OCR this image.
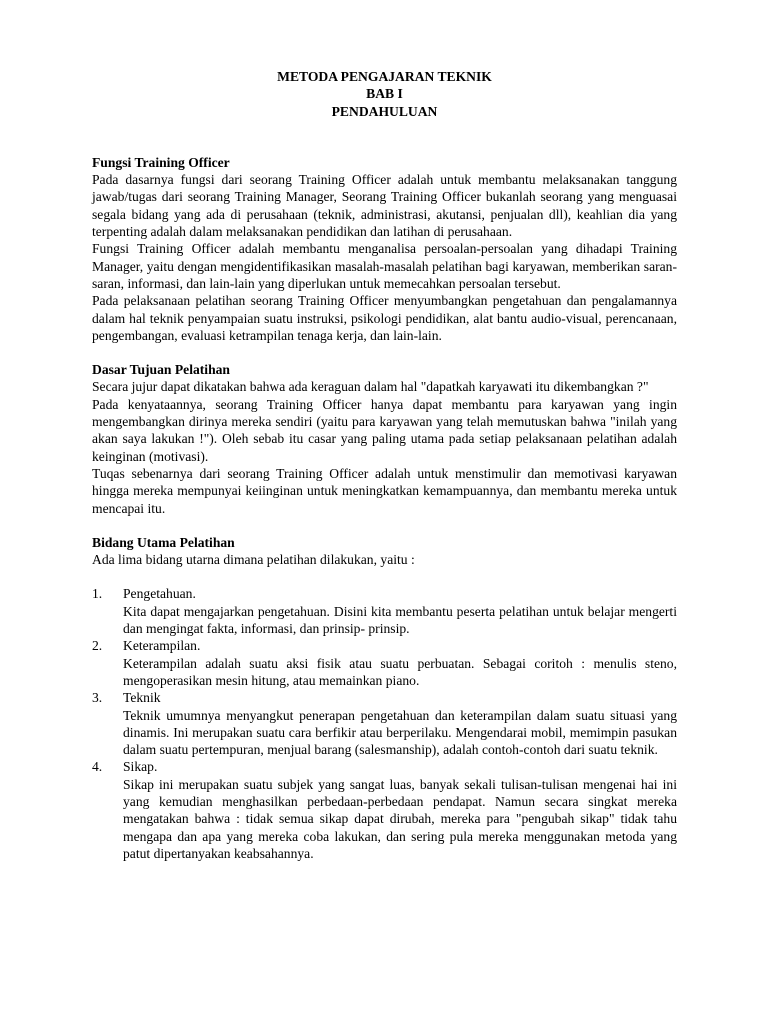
METODA PENGAJARAN TEKNIK
BAB I
PENDAHULUAN
Fungsi Training Officer

Pada dasarnya fungsi dari seorang Training Officer adalah untuk membantu melaksanakan tanggung jawab/tugas dari seorang Training Manager, Seorang Training Officer bukanlah seorang yang menguasai segala bidang yang ada di perusahaan (teknik, administrasi, akutansi, penjualan dll), keahlian dia yang terpenting adalah dalam melaksanakan pendidikan dan latihan di perusahaan.

Fungsi Training Officer adalah membantu menganalisa persoalan-persoalan yang dihadapi Training Manager, yaitu dengan mengidentifikasikan masalah-masalah pelatihan bagi karyawan, memberikan saran-saran, informasi, dan lain-lain yang diperlukan untuk memecahkan persoalan tersebut.

Pada pelaksanaan pelatihan seorang Training Officer menyumbangkan pengetahuan dan pengalamannya dalam hal teknik penyampaian suatu instruksi, psikologi pendidikan, alat bantu audio-visual, perencanaan, pengembangan, evaluasi ketrampilan tenaga kerja, dan lain-lain.

Dasar Tujuan Pelatihan

Secara jujur dapat dikatakan bahwa ada keraguan dalam hal "dapatkah karyawati itu dikembangkan ?"

Pada kenyataannya, seorang Training Officer hanya dapat membantu para karyawan yang ingin mengembangkan dirinya mereka sendiri (yaitu para karyawan yang telah memutuskan bahwa "inilah yang akan saya lakukan !"). Oleh sebab itu casar yang paling utama pada setiap pelaksanaan pelatihan adalah keinginan (motivasi).

Tuqas sebenarnya dari seorang Training Officer adalah untuk menstimulir dan memotivasi karyawan hingga mereka mempunyai keiinginan untuk meningkatkan kemampuannya, dan membantu mereka untuk mencapai itu.

Bidang Utama Pelatihan

Ada lima bidang utarna dimana pelatihan dilakukan, yaitu :

1.	Pengetahuan.

Kita dapat mengajarkan pengetahuan. Disini kita membantu peserta pelatihan untuk belajar mengerti dan mengingat fakta, informasi, dan prinsip- prinsip.

2.	Keterampilan.

Keterampilan adalah suatu aksi fisik atau suatu perbuatan. Sebagai coritoh : menulis steno, mengoperasikan mesin hitung, atau memainkan piano.

3.	Teknik

Teknik umumnya menyangkut penerapan pengetahuan dan keterampilan dalam suatu situasi yang dinamis. Ini merupakan suatu cara berfikir atau berperilaku. Mengendarai mobil, memimpin pasukan dalam suatu pertempuran, menjual barang (salesmanship), adalah contoh-contoh dari suatu teknik.

4.	Sikap.

Sikap ini merupakan suatu subjek yang sangat luas, banyak sekali tulisan-tulisan mengenai hai ini yang kemudian menghasilkan perbedaan-perbedaan pendapat. Namun secara singkat mereka mengatakan bahwa : tidak semua sikap dapat dirubah, mereka para "pengubah sikap" tidak tahu mengapa dan apa yang mereka coba lakukan, dan sering pula mereka menggunakan metoda yang patut dipertanyakan keabsahannya.
